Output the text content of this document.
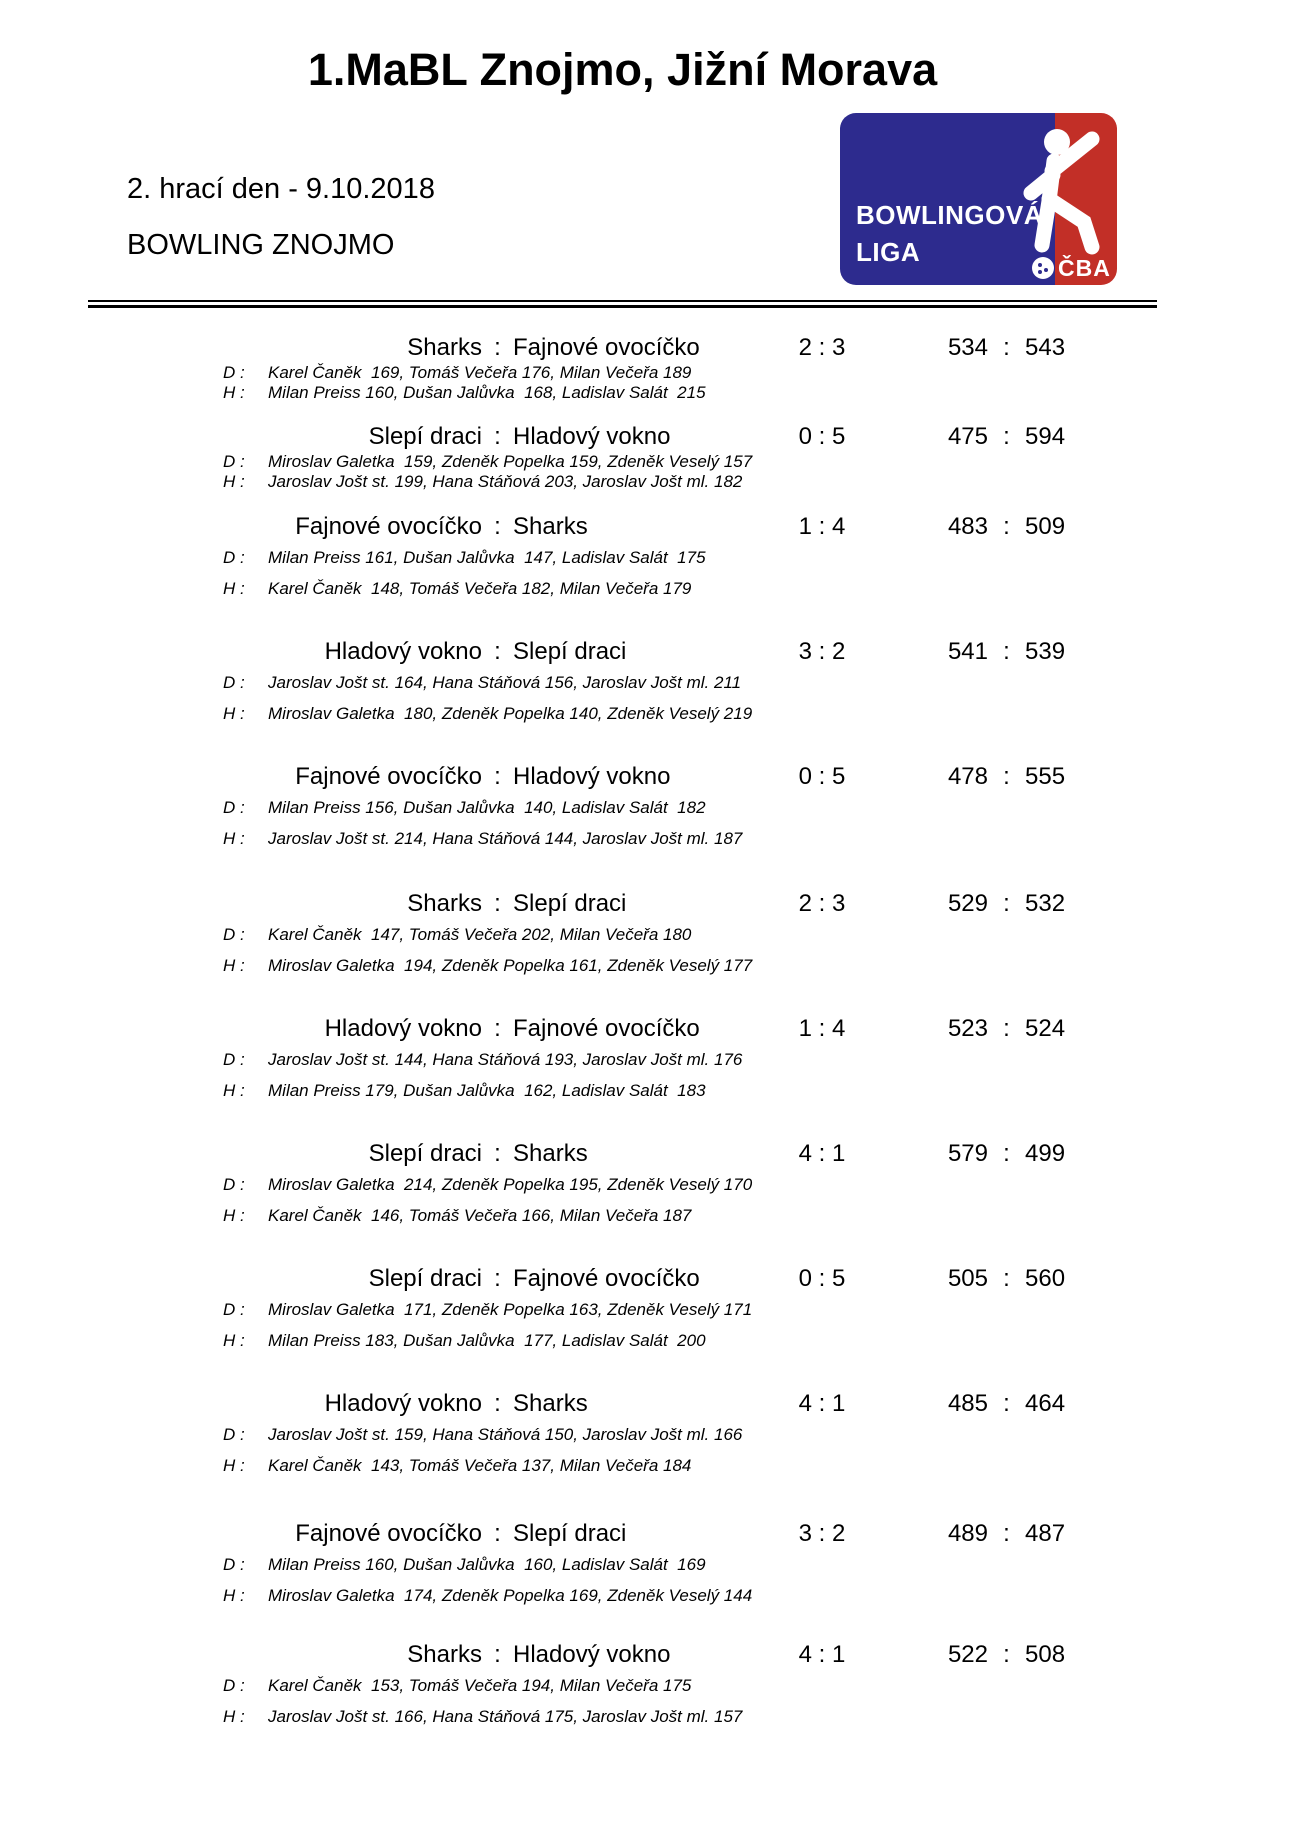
1.MaBL Znojmo, Jižní Morava
2. hrací den - 9.10.2018
BOWLING ZNOJMO
BOWLINGOVÁ
LIGA
ČBA
Sharks : Fajnové ovocíčko	2 : 3	534 : 543
D : Karel Čaněk  169, Tomáš Večeřa 176, Milan Večeřa 189
H : Milan Preiss 160, Dušan Jalůvka  168, Ladislav Salát  215
Slepí draci : Hladový vokno	0 : 5	475 : 594
D : Miroslav Galetka  159, Zdeněk Popelka 159, Zdeněk Veselý 157
H : Jaroslav Jošt st. 199, Hana Stáňová 203, Jaroslav Jošt ml. 182
Fajnové ovocíčko : Sharks	1 : 4	483 : 509
D : Milan Preiss 161, Dušan Jalůvka  147, Ladislav Salát  175
H : Karel Čaněk  148, Tomáš Večeřa 182, Milan Večeřa 179
Hladový vokno : Slepí draci	3 : 2	541 : 539
D : Jaroslav Jošt st. 164, Hana Stáňová 156, Jaroslav Jošt ml. 211
H : Miroslav Galetka  180, Zdeněk Popelka 140, Zdeněk Veselý 219
Fajnové ovocíčko : Hladový vokno	0 : 5	478 : 555
D : Milan Preiss 156, Dušan Jalůvka  140, Ladislav Salát  182
H : Jaroslav Jošt st. 214, Hana Stáňová 144, Jaroslav Jošt ml. 187
Sharks : Slepí draci	2 : 3	529 : 532
D : Karel Čaněk  147, Tomáš Večeřa 202, Milan Večeřa 180
H : Miroslav Galetka  194, Zdeněk Popelka 161, Zdeněk Veselý 177
Hladový vokno : Fajnové ovocíčko	1 : 4	523 : 524
D : Jaroslav Jošt st. 144, Hana Stáňová 193, Jaroslav Jošt ml. 176
H : Milan Preiss 179, Dušan Jalůvka  162, Ladislav Salát  183
Slepí draci : Sharks	4 : 1	579 : 499
D : Miroslav Galetka  214, Zdeněk Popelka 195, Zdeněk Veselý 170
H : Karel Čaněk  146, Tomáš Večeřa 166, Milan Večeřa 187
Slepí draci : Fajnové ovocíčko	0 : 5	505 : 560
D : Miroslav Galetka  171, Zdeněk Popelka 163, Zdeněk Veselý 171
H : Milan Preiss 183, Dušan Jalůvka  177, Ladislav Salát  200
Hladový vokno : Sharks	4 : 1	485 : 464
D : Jaroslav Jošt st. 159, Hana Stáňová 150, Jaroslav Jošt ml. 166
H : Karel Čaněk  143, Tomáš Večeřa 137, Milan Večeřa 184
Fajnové ovocíčko : Slepí draci	3 : 2	489 : 487
D : Milan Preiss 160, Dušan Jalůvka  160, Ladislav Salát  169
H : Miroslav Galetka  174, Zdeněk Popelka 169, Zdeněk Veselý 144
Sharks : Hladový vokno	4 : 1	522 : 508
D : Karel Čaněk  153, Tomáš Večeřa 194, Milan Večeřa 175
H : Jaroslav Jošt st. 166, Hana Stáňová 175, Jaroslav Jošt ml. 157
